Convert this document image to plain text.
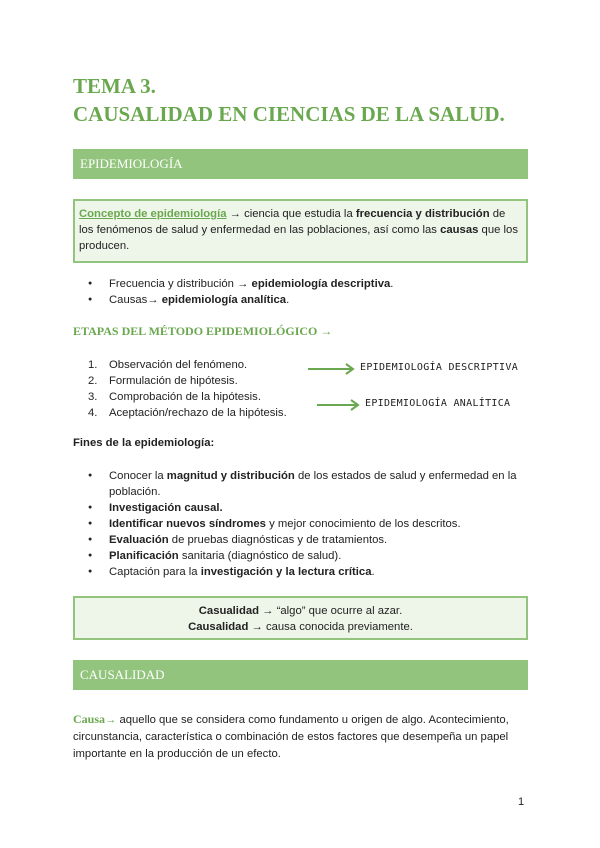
TEMA 3.
CAUSALIDAD EN CIENCIAS DE LA SALUD.
EPIDEMIOLOGÍA
Concepto de epidemiología → ciencia que estudia la frecuencia y distribución de los fenómenos de salud y enfermedad en las poblaciones, así como las causas que los producen.
● Frecuencia y distribución → epidemiología descriptiva.
● Causas→ epidemiología analítica.
ETAPAS DEL MÉTODO EPIDEMIOLÓGICO →
1.	Observación del fenómeno.
2.	Formulación de hipótesis.
3.	Comprobación de la hipótesis.
4.	Aceptación/rechazo de la hipótesis.
EPIDEMIOLOGÍA DESCRIPTIVA
EPIDEMIOLOGÍA ANALÍTICA
Fines de la epidemiología:
● Conocer la magnitud y distribución de los estados de salud y enfermedad en la población.
● Investigación causal.
● Identificar nuevos síndromes y mejor conocimiento de los descritos.
● Evaluación de pruebas diagnósticas y de tratamientos.
● Planificación sanitaria (diagnóstico de salud).
● Captación para la investigación y la lectura crítica.
Casualidad → “algo” que ocurre al azar.
Causalidad → causa conocida previamente.
CAUSALIDAD
Causa→ aquello que se considera como fundamento u origen de algo. Acontecimiento, circunstancia, característica o combinación de estos factores que desempeña un papel importante en la producción de un efecto.
1
